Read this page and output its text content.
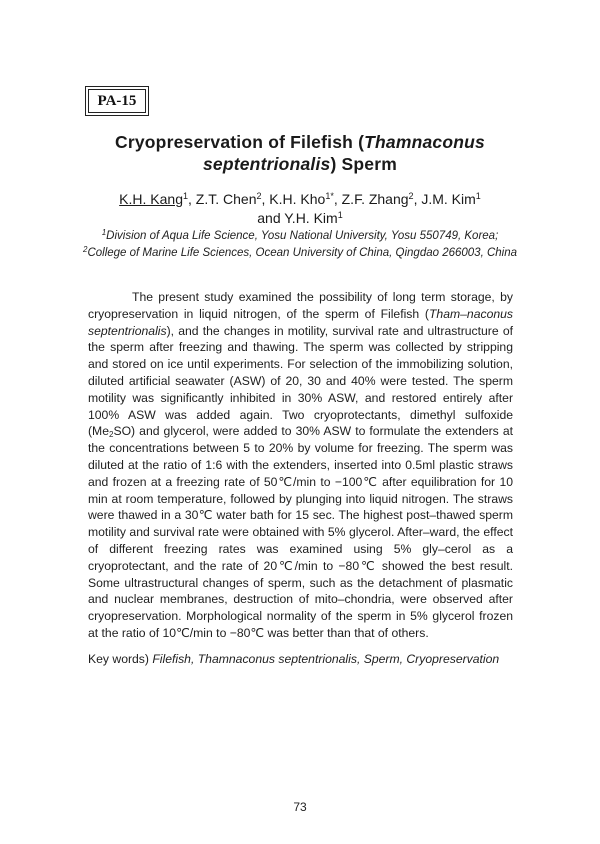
PA-15
Cryopreservation of Filefish (Thamnaconus septentrionalis) Sperm
K.H. Kang$^1$, Z.T. Chen$^2$, K.H. Kho$^{1*}$, Z.F. Zhang$^2$, J.M. Kim$^1$
and Y.H. Kim$^1$
$^1$Division of Aqua Life Science, Yosu National University, Yosu 550749, Korea; $^2$College of Marine Life Sciences, Ocean University of China, Qingdao 266003, China

The present study examined the possibility of long term storage, by cryopreservation in liquid nitrogen, of the sperm of Filefish (Tham–naconus septentrionalis), and the changes in motility, survival rate and ultrastructure of the sperm after freezing and thawing. The sperm was collected by stripping and stored on ice until experiments. For selection of the immobilizing solution, diluted artificial seawater (ASW) of 20, 30 and 40% were tested. The sperm motility was significantly inhibited in 30% ASW, and restored entirely after 100% ASW was added again. Two cryoprotectants, dimethyl sulfoxide $(Me_2SO)$ and glycerol, were added to 30% ASW to formulate the extenders at the concentrations between 5 to 20% by volume for freezing. The sperm was diluted at the ratio of 1:6 with the extenders, inserted into 0.5ml plastic straws and frozen at a freezing rate of 50℃/min to −100℃ after equilibration for 10 min at room temperature, followed by plunging into liquid nitrogen. The straws were thawed in a 30℃ water bath for 15 sec. The highest post–thawed sperm motility and survival rate were obtained with 5% glycerol. After–ward, the effect of different freezing rates was examined using 5% gly–cerol as a cryoprotectant, and the rate of 20℃/min to −80℃ showed the best result. Some ultrastructural changes of sperm, such as the detachment of plasmatic and nuclear membranes, destruction of mito–chondria, were observed after cryopreservation. Morphological normality of the sperm in 5% glycerol frozen at the ratio of 10℃/min to −80℃ was better than that of others.

Key words) Filefish, Thamnaconus septentrionalis, Sperm, Cryopreservation
73
